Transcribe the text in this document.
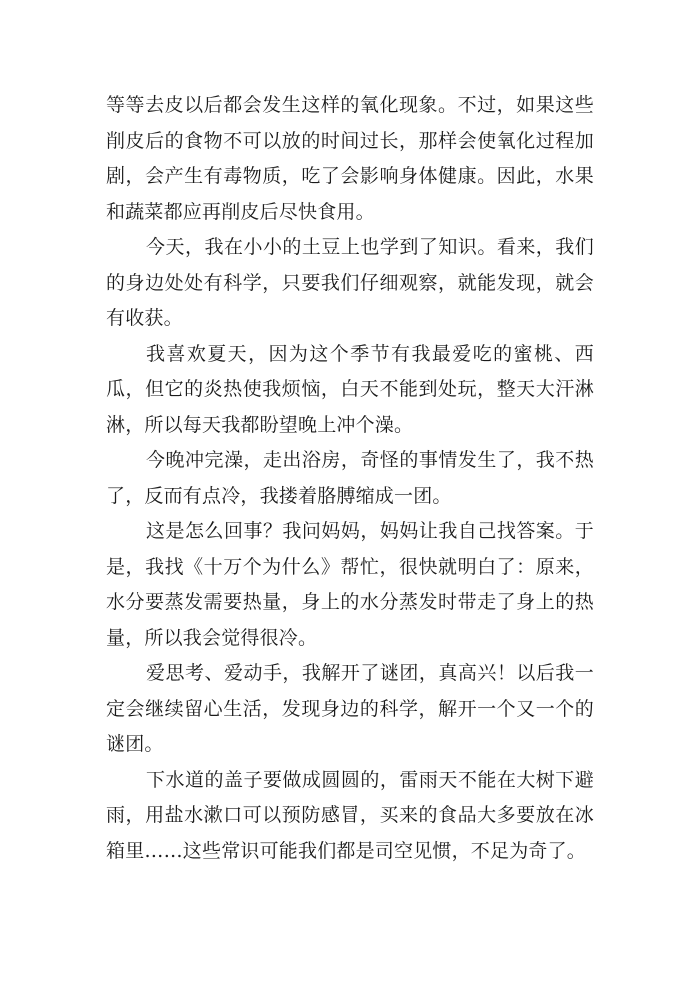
等等去皮以后都会发生这样的氧化现象。不过，如果这些削皮后的食物不可以放的时间过长，那样会使氧化过程加剧，会产生有毒物质，吃了会影响身体健康。因此，水果和蔬菜都应再削皮后尽快食用。

今天，我在小小的土豆上也学到了知识。看来，我们的身边处处有科学，只要我们仔细观察，就能发现，就会有收获。

我喜欢夏天，因为这个季节有我最爱吃的蜜桃、西瓜，但它的炎热使我烦恼，白天不能到处玩，整天大汗淋淋，所以每天我都盼望晚上冲个澡。

今晚冲完澡，走出浴房，奇怪的事情发生了，我不热了，反而有点冷，我搂着胳膊缩成一团。

这是怎么回事？我问妈妈，妈妈让我自己找答案。于是，我找《十万个为什么》帮忙，很快就明白了：原来，水分要蒸发需要热量，身上的水分蒸发时带走了身上的热量，所以我会觉得很冷。

爱思考、爱动手，我解开了谜团，真高兴！以后我一定会继续留心生活，发现身边的科学，解开一个又一个的谜团。

下水道的盖子要做成圆圆的，雷雨天不能在大树下避雨，用盐水漱口可以预防感冒，买来的食品大多要放在冰箱里……这些常识可能我们都是司空见惯，不足为奇了。
